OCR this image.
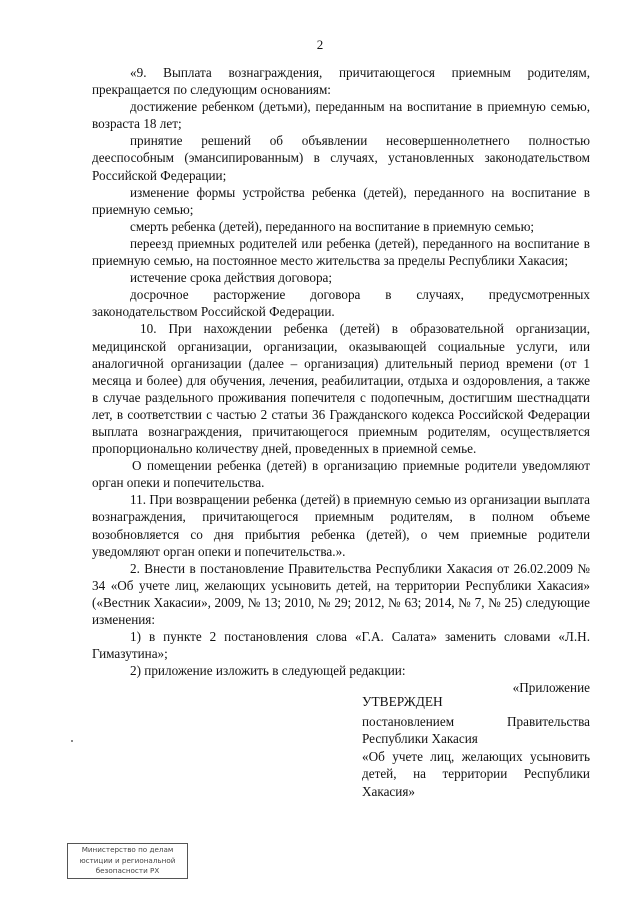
2

«9. Выплата вознаграждения, причитающегося приемным родителям, прекращается по следующим основаниям:

достижение ребенком (детьми), переданным на воспитание в приемную семью, возраста 18 лет;

принятие решений об объявлении несовершеннолетнего полностью дееспособным (эмансипированным) в случаях, установленных законодательством Российской Федерации;

изменение формы устройства ребенка (детей), переданного на воспитание в приемную семью;

смерть ребенка (детей), переданного на воспитание в приемную семью;

переезд приемных родителей или ребенка (детей), переданного на воспитание в приемную семью, на постоянное место жительства за пределы Республики Хакасия;

истечение срока действия договора;

досрочное расторжение договора в случаях, предусмотренных законодательством Российской Федерации.

10. При нахождении ребенка (детей) в образовательной организации, медицинской организации, организации, оказывающей социальные услуги, или аналогичной организации (далее – организация) длительный период времени (от 1 месяца и более) для обучения, лечения, реабилитации, отдыха и оздоровления, а также в случае раздельного проживания попечителя с подопечным, достигшим шестнадцати лет, в соответствии с частью 2 статьи 36 Гражданского кодекса Российской Федерации выплата вознаграждения, причитающегося приемным родителям, осуществляется пропорционально количеству дней, проведенных в приемной семье.

О помещении ребенка (детей) в организацию приемные родители уведомляют орган опеки и попечительства.

11. При возвращении ребенка (детей) в приемную семью из организации выплата вознаграждения, причитающегося приемным родителям, в полном объеме возобновляется со дня прибытия ребенка (детей), о чем приемные родители уведомляют орган опеки и попечительства.».

2. Внести в постановление Правительства Республики Хакасия от 26.02.2009 № 34 «Об учете лиц, желающих усыновить детей, на территории Республики Хакасия» («Вестник Хакасии», 2009, № 13; 2010, № 29; 2012, № 63; 2014, № 7, № 25) следующие изменения:

1) в пункте 2 постановления слова «Г.А. Салата» заменить словами «Л.Н. Гимазутина»;

2) приложение изложить в следующей редакции:

«Приложение

УТВЕРЖДЕН

постановлением Правительства Республики Хакасия

«Об учете лиц, желающих усыновить детей, на территории Республики Хакасия»

Министерство по делам
юстиции и региональной
безопасности РХ
